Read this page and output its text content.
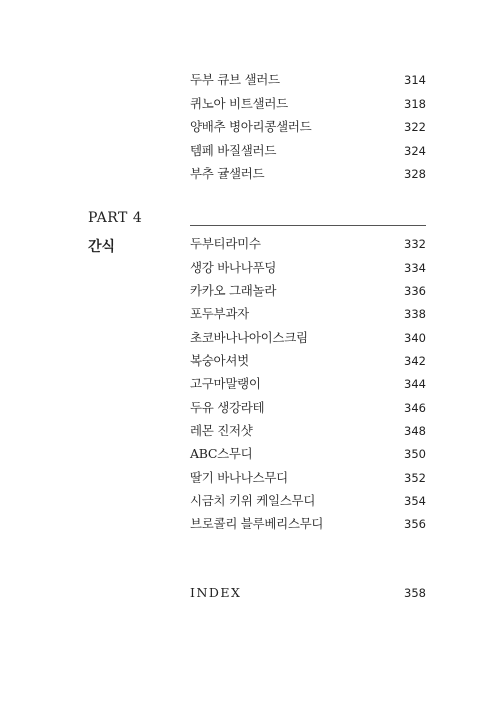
두부 큐브 샐러드	314
퀴노아 비트샐러드	318
양배추 병아리콩샐러드	322
템페 바질샐러드	324
부추 귤샐러드	328
PART 4
간식	두부티라미수	332
생강 바나나푸딩	334
카카오 그래놀라	336
포두부과자	338
초코바나나아이스크림	340
복숭아셔벗	342
고구마말랭이	344
두유 생강라테	346
레몬 진저샷	348
ABC스무디	350
딸기 바나나스무디	352
시금치 키위 케일스무디	354
브로콜리 블루베리스무디	356
INDEX	358
